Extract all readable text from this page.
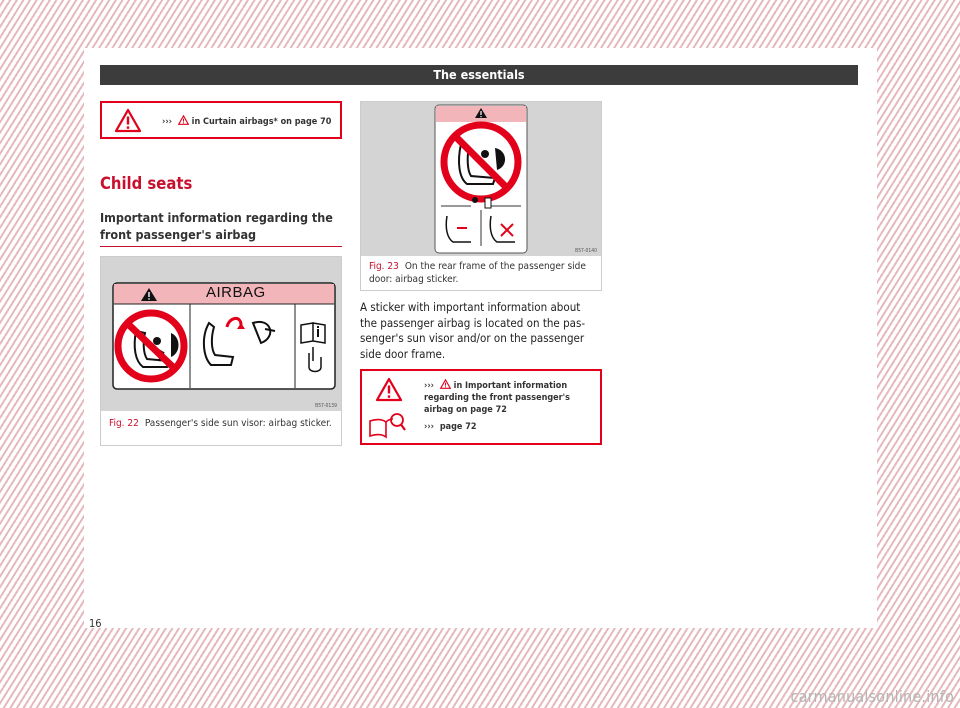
The essentials
››› in Curtain airbags* on page 70
Child seats
Important information regarding the front passenger's airbag
B57-0139
Fig. 22 Passenger's side sun visor: airbag sticker.
AIRBAG
B57-0140
Fig. 23 On the rear frame of the passenger side door: airbag sticker.
A sticker with important information about the passenger airbag is located on the pas-senger's sun visor and/or on the passenger side door frame.
››› in Important information regarding the front passenger's airbag on page 72
››› page 72
16
carmanualsonline.info
